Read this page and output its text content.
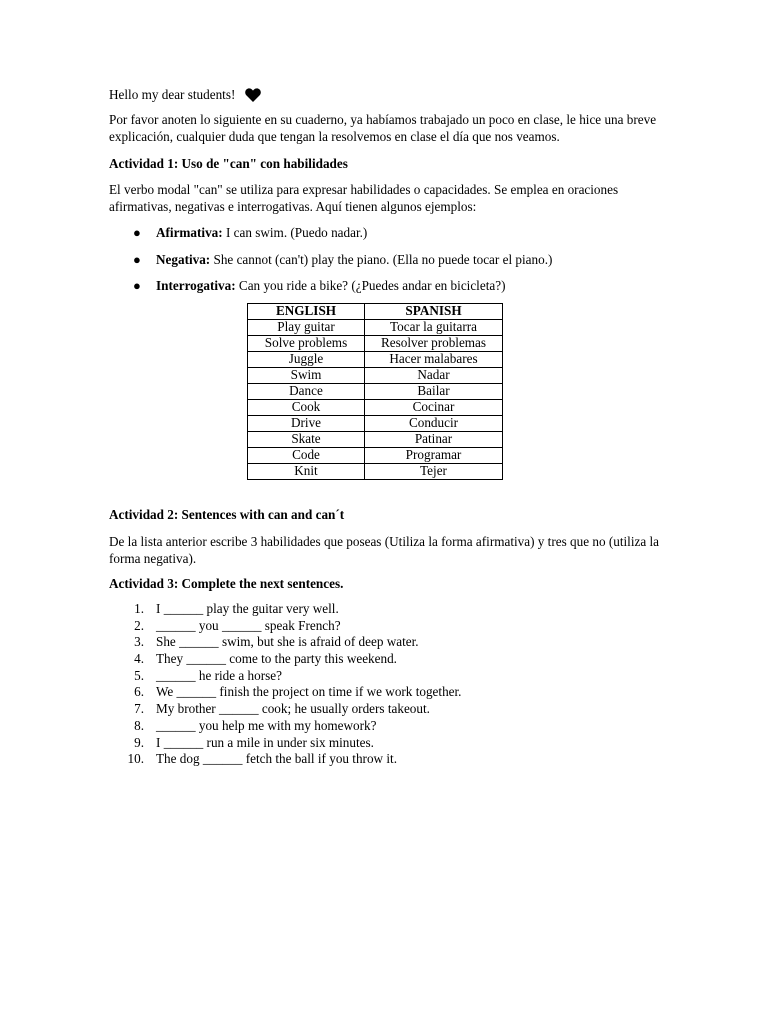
Hello my dear students!
Por favor anoten lo siguiente en su cuaderno, ya habíamos trabajado un poco en clase, le hice una breve explicación, cualquier duda que tengan la resolvemos en clase el día que nos veamos.
Actividad 1: Uso de "can" con habilidades
El verbo modal "can" se utiliza para expresar habilidades o capacidades. Se emplea en oraciones afirmativas, negativas e interrogativas. Aquí tienen algunos ejemplos:
● Afirmativa: I can swim. (Puedo nadar.)
● Negativa: She cannot (can't) play the piano. (Ella no puede tocar el piano.)
● Interrogativa: Can you ride a bike? (¿Puedes andar en bicicleta?)
ENGLISH	SPANISH
Play guitar	Tocar la guitarra
Solve problems	Resolver problemas
Juggle	Hacer malabares
Swim	Nadar
Dance	Bailar
Cook	Cocinar
Drive	Conducir
Skate	Patinar
Code	Programar
Knit	Tejer
Actividad 2: Sentences with can and can´t
De la lista anterior escribe 3 habilidades que poseas (Utiliza la forma afirmativa) y tres que no (utiliza la forma negativa).
Actividad 3: Complete the next sentences.
1. I ______ play the guitar very well.
2. ______ you ______ speak French?
3. She ______ swim, but she is afraid of deep water.
4. They ______ come to the party this weekend.
5. ______ he ride a horse?
6. We ______ finish the project on time if we work together.
7. My brother ______ cook; he usually orders takeout.
8. ______ you help me with my homework?
9. I ______ run a mile in under six minutes.
10. The dog ______ fetch the ball if you throw it.
